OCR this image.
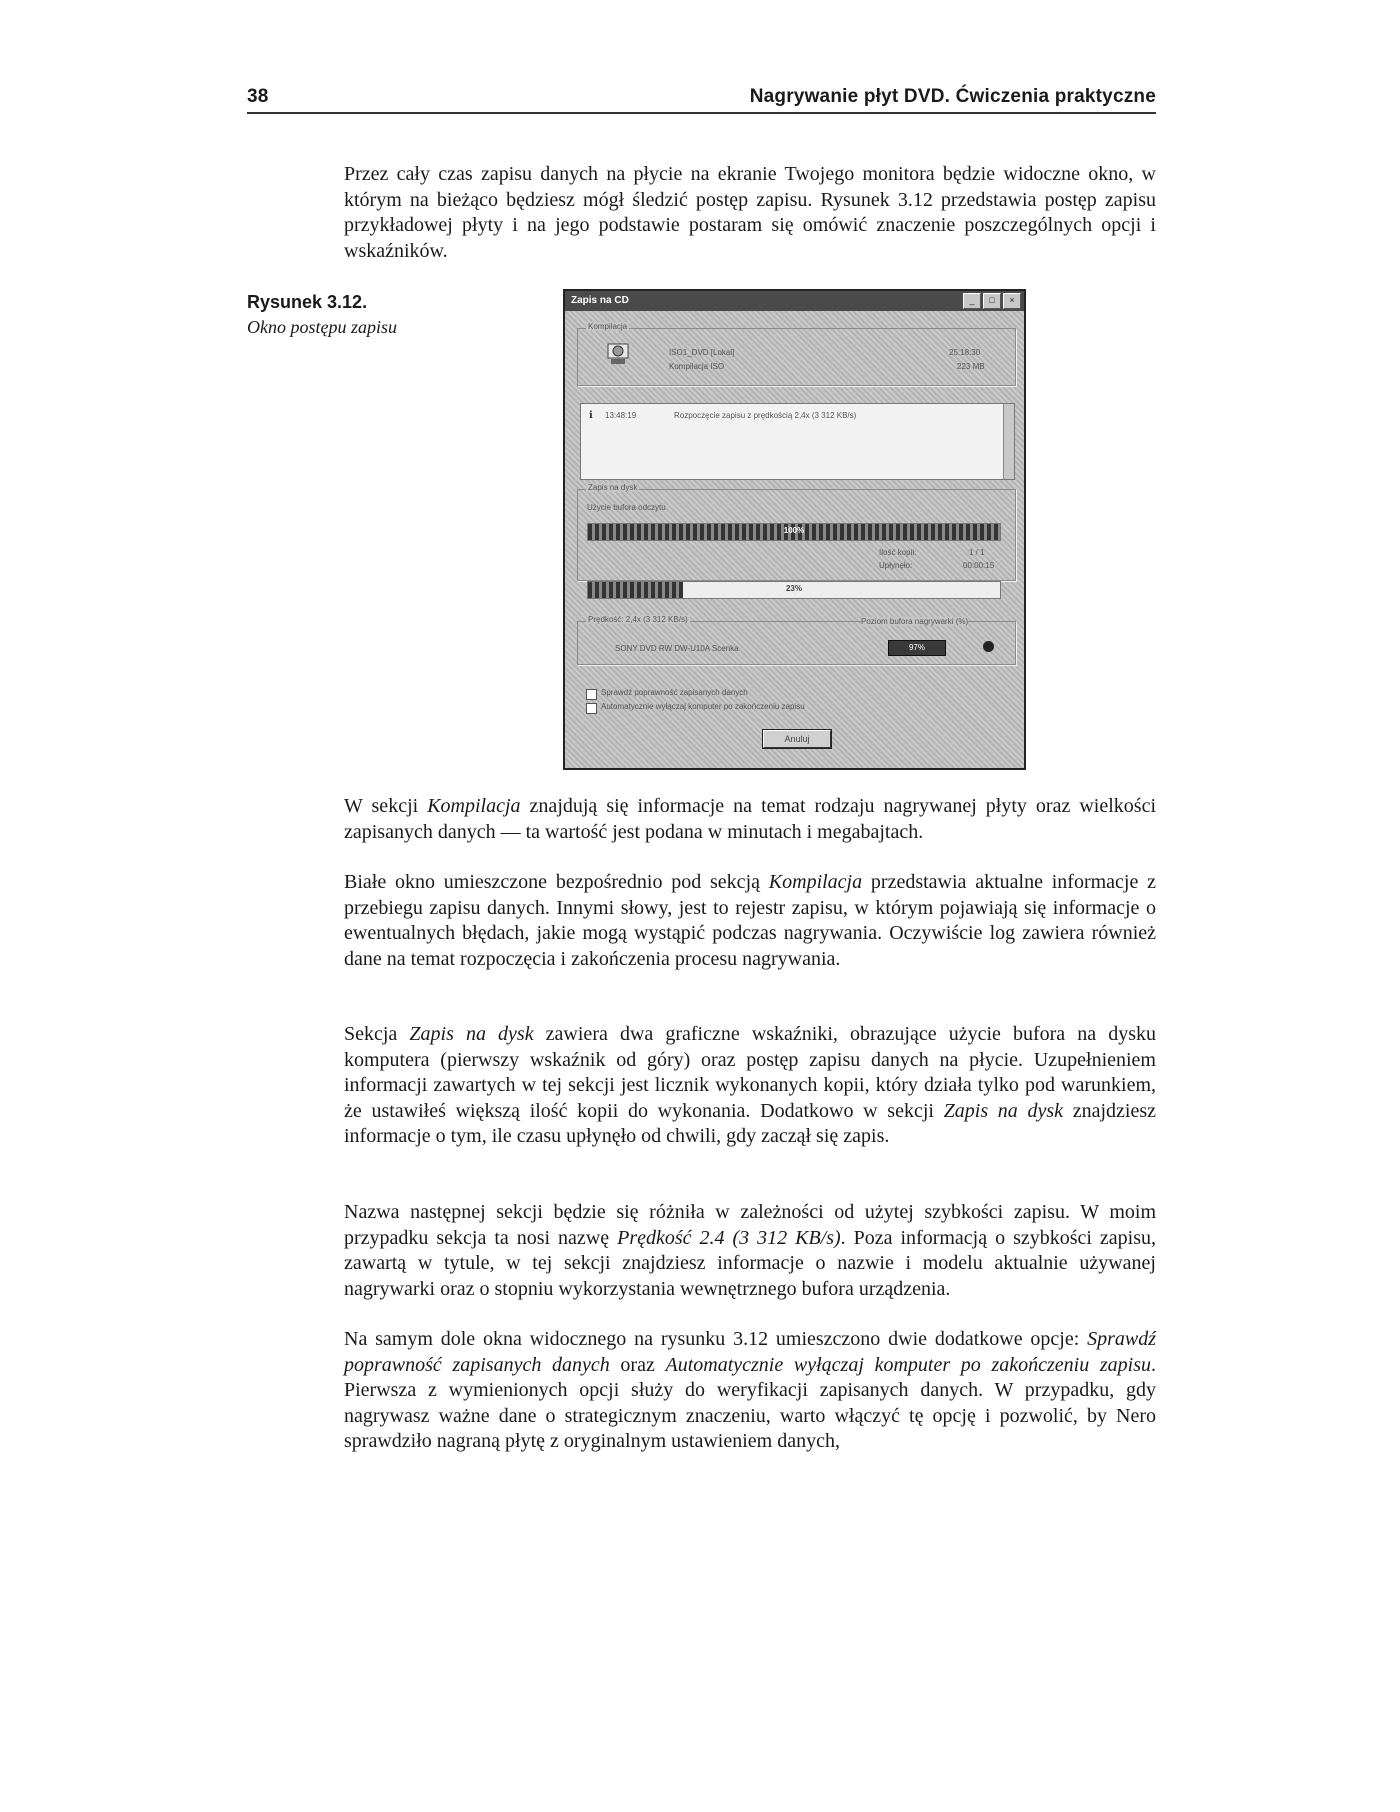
38	Nagrywanie płyt DVD. Ćwiczenia praktyczne

Przez cały czas zapisu danych na płycie na ekranie Twojego monitora będzie widoczne okno, w którym na bieżąco będziesz mógł śledzić postęp zapisu. Rysunek 3.12 przedstawia postęp zapisu przykładowej płyty i na jego podstawie postaram się omówić znaczenie poszczególnych opcji i wskaźników.

Rysunek 3.12.
Okno postępu zapisu
Zapis na CD	_	□	×
Kompilacja
ISO1_DVD [Lokal]	25:18:30
Kompilacja ISO	223 MB
ℹ 13:48:19	Rozpoczęcie zapisu z prędkością 2,4x (3 312 KB/s)
Zapis na dysk
Użycie bufora odczytu
100%
Ilość kopii:	1 / 1
Upłynęło:	00:00:15
23%
Prędkość: 2,4x (3 312 KB/s)	Poziom bufora nagrywarki (%)
SONY DVD RW DW-U10A Scenka	97%
Sprawdź poprawność zapisanych danych
Automatycznie wyłączaj komputer po zakończeniu zapisu
Anuluj

W sekcji Kompilacja znajdują się informacje na temat rodzaju nagrywanej płyty oraz wielkości zapisanych danych — ta wartość jest podana w minutach i megabajtach.

Białe okno umieszczone bezpośrednio pod sekcją Kompilacja przedstawia aktualne informacje z przebiegu zapisu danych. Innymi słowy, jest to rejestr zapisu, w którym pojawiają się informacje o ewentualnych błędach, jakie mogą wystąpić podczas nagrywania. Oczywiście log zawiera również dane na temat rozpoczęcia i zakończenia procesu nagrywania.

Sekcja Zapis na dysk zawiera dwa graficzne wskaźniki, obrazujące użycie bufora na dysku komputera (pierwszy wskaźnik od góry) oraz postęp zapisu danych na płycie. Uzupełnieniem informacji zawartych w tej sekcji jest licznik wykonanych kopii, który działa tylko pod warunkiem, że ustawiłeś większą ilość kopii do wykonania. Dodatkowo w sekcji Zapis na dysk znajdziesz informacje o tym, ile czasu upłynęło od chwili, gdy zaczął się zapis.

Nazwa następnej sekcji będzie się różniła w zależności od użytej szybkości zapisu. W moim przypadku sekcja ta nosi nazwę Prędkość 2.4 (3 312 KB/s). Poza informacją o szybkości zapisu, zawartą w tytule, w tej sekcji znajdziesz informacje o nazwie i modelu aktualnie używanej nagrywarki oraz o stopniu wykorzystania wewnętrznego bufora urządzenia.

Na samym dole okna widocznego na rysunku 3.12 umieszczono dwie dodatkowe opcje: Sprawdź poprawność zapisanych danych oraz Automatycznie wyłączaj komputer po zakończeniu zapisu. Pierwsza z wymienionych opcji służy do weryfikacji zapisanych danych. W przypadku, gdy nagrywasz ważne dane o strategicznym znaczeniu, warto włączyć tę opcję i pozwolić, by Nero sprawdziło nagraną płytę z oryginalnym ustawieniem danych,
